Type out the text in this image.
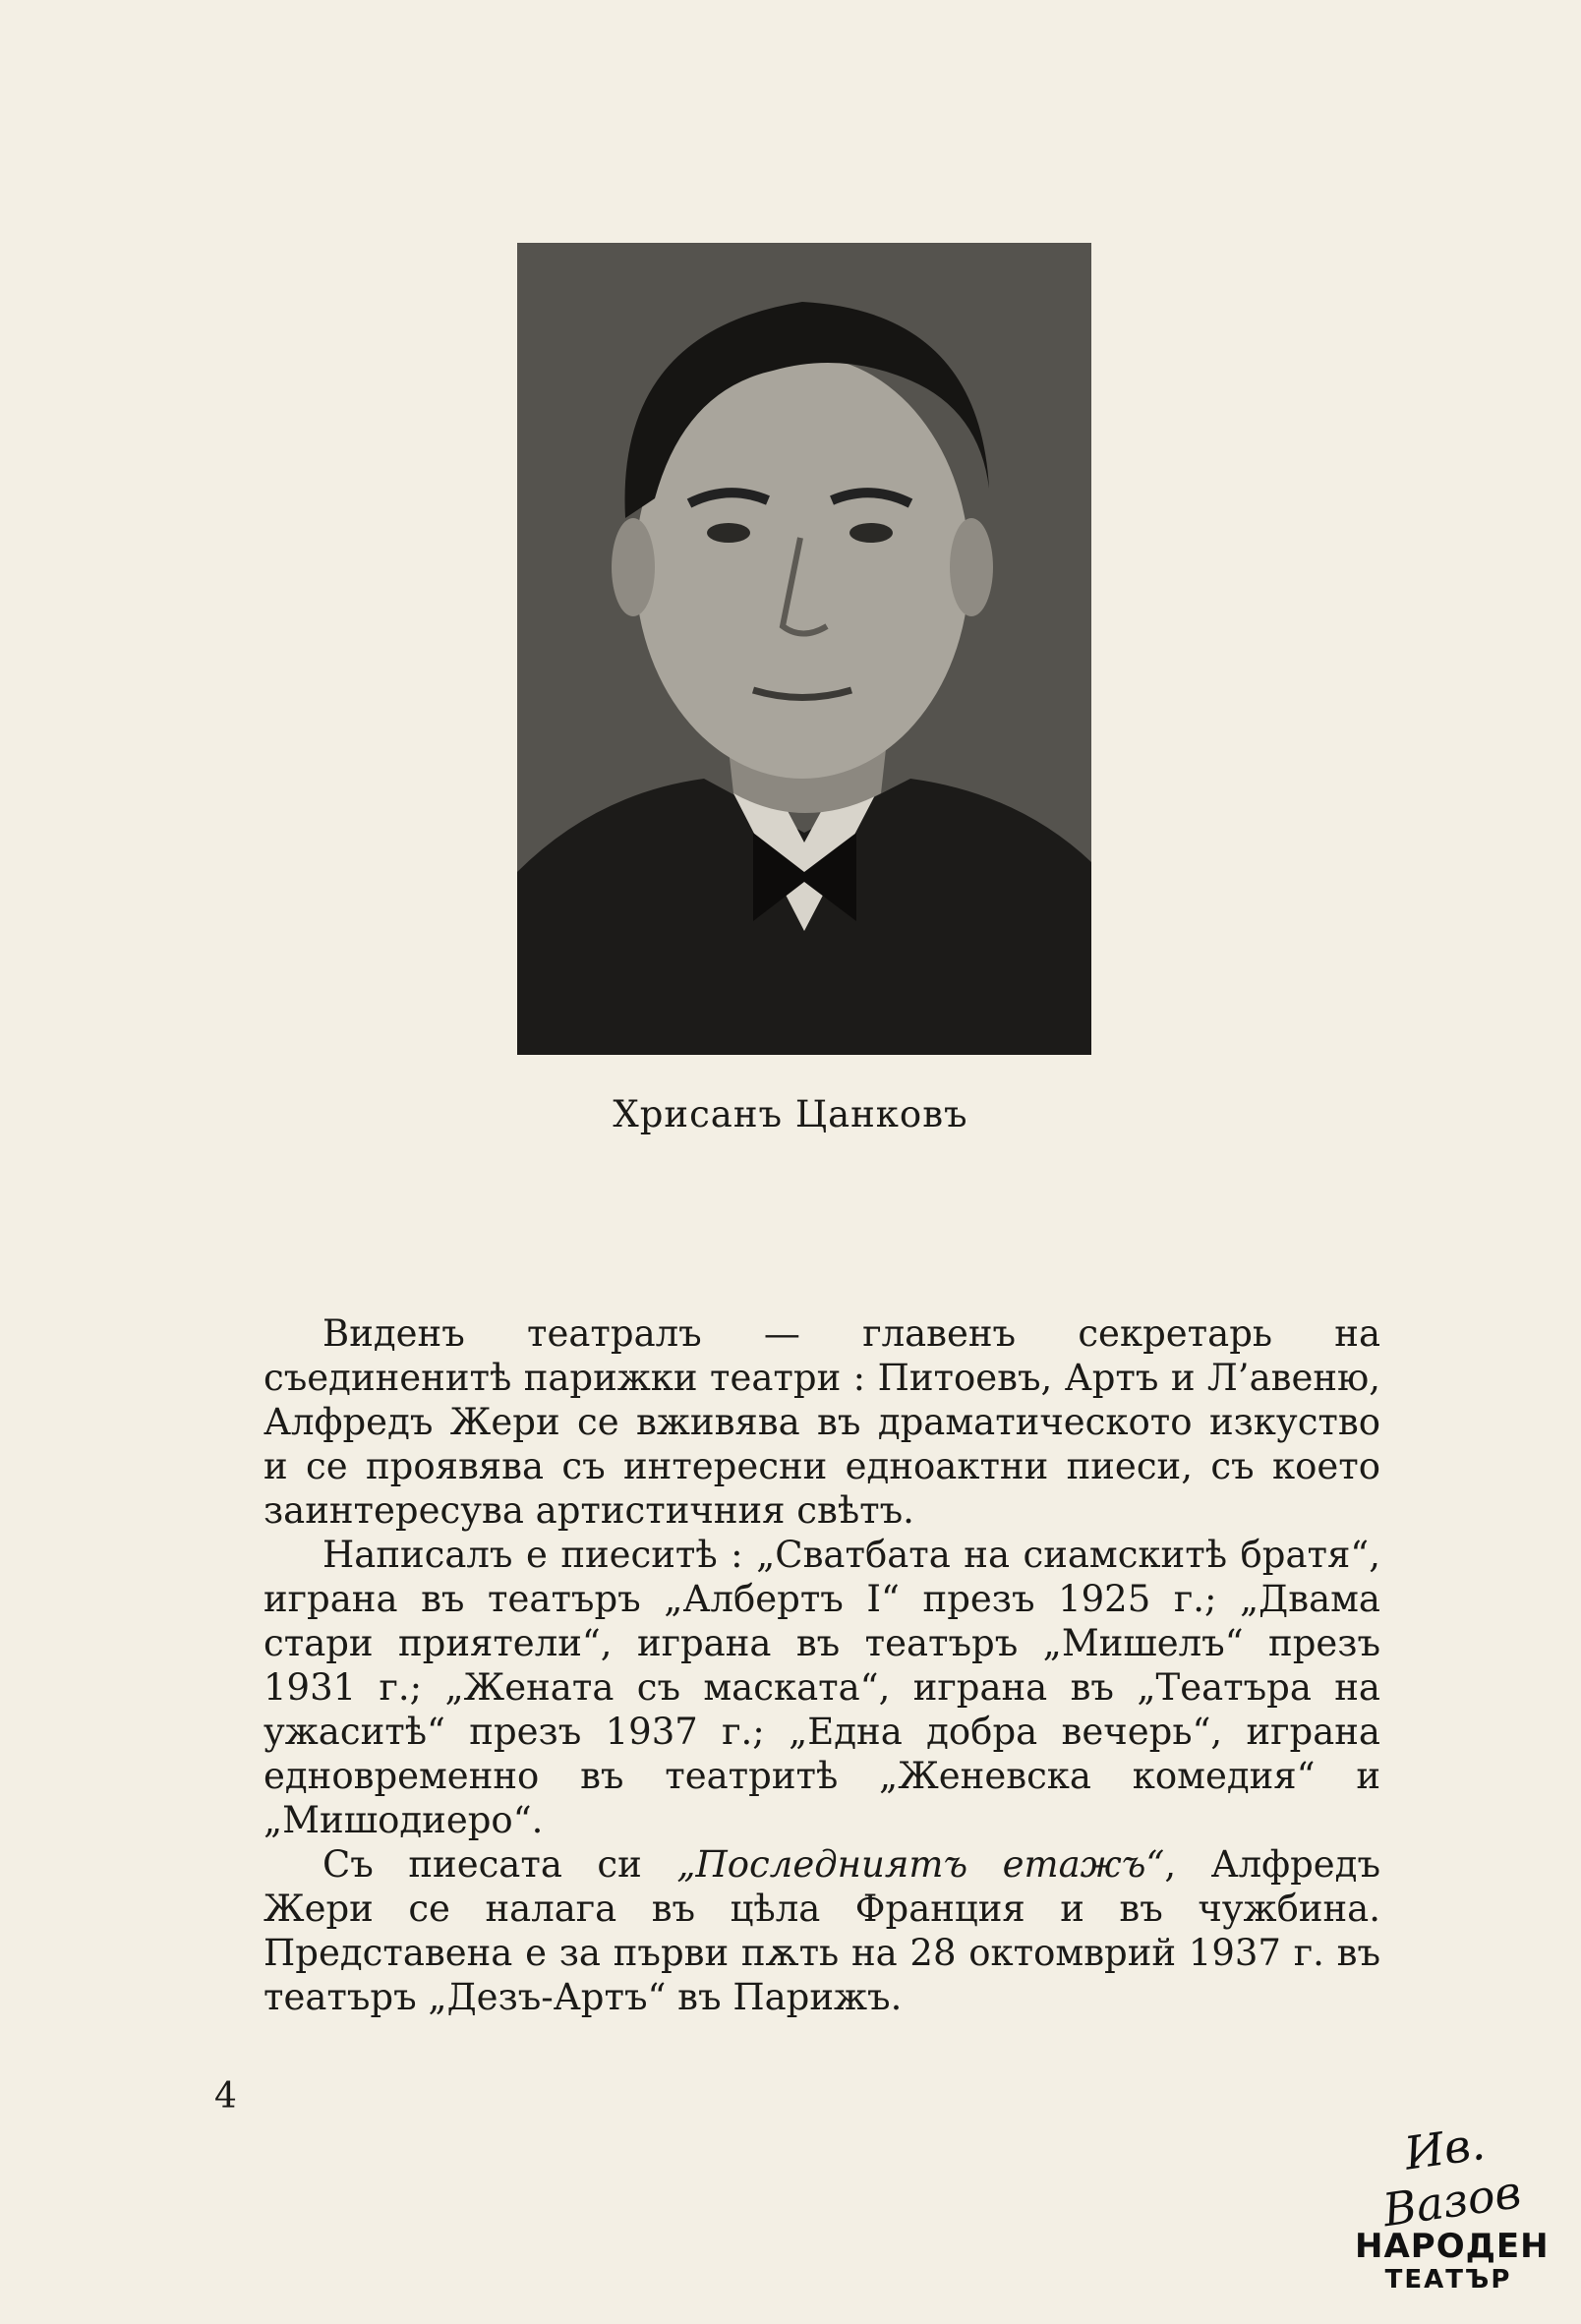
Хрисанъ Цанковъ

Виденъ театралъ — главенъ секретарь на съединенитѣ парижки театри : Питоевъ, Артъ и Л’авеню, Алфредъ Жери се вживява въ драматическото изкуство и се проявява съ интересни едноактни пиеси, съ което заинтересува артистичния свѣтъ.

Написалъ е пиеситѣ : „Сватбата на сиамскитѣ братя“, играна въ театъръ „Албертъ I“ презъ 1925 г.; „Двама стари приятели“, играна въ театъръ „Мишелъ“ презъ 1931 г.; „Жената съ маската“, играна въ „Театъра на ужаситѣ“ презъ 1937 г.; „Една добра вечерь“, играна едновременно въ театритѣ „Женевска комедия“ и „Мишодиеро“.

Съ пиесата си „Последниятъ етажъ“, Алфредъ Жери се налага въ цѣла Франция и въ чужбина. Представена е за първи пѫть на 28 октомврий 1937 г. въ театъръ „Дезъ-Артъ“ въ Парижъ.

4
Ив. Вазов
НАРОДЕН
ТЕАТЪР
